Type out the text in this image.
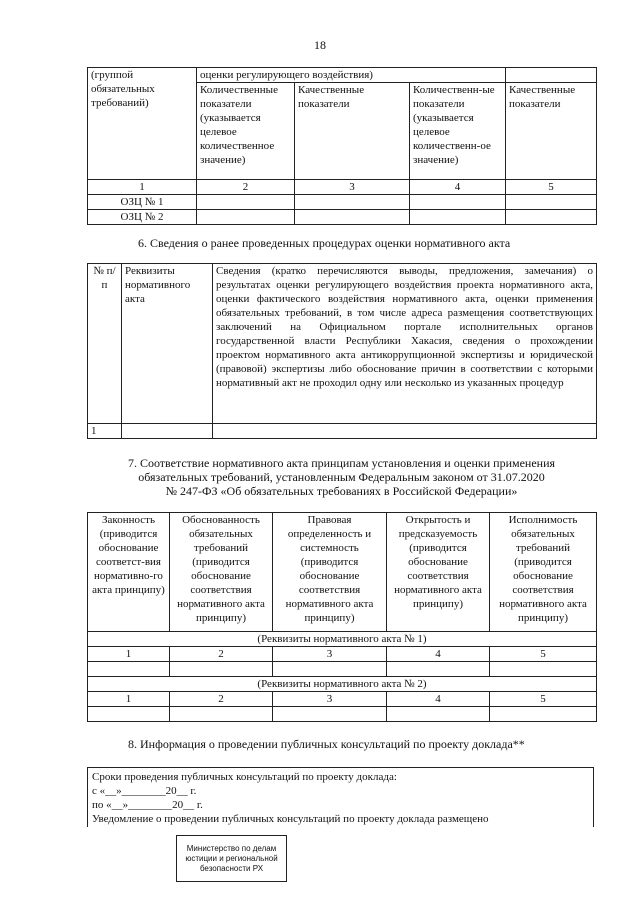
18
(группой обязательных требований)	оценки регулирующего воздействия)			
	Количественные показатели (указывается целевое количественное значение)	Качественные показатели	Количественн-ые показатели (указывается целевое количественн-ое значение)	Качественные показатели
1	2	3	4	5
ОЗЦ № 1				
ОЗЦ № 2				
6. Сведения о ранее проведенных процедурах оценки нормативного акта
№ п/п	Реквизиты нормативного акта	Сведения (кратко перечисляются выводы, предложения, замечания) о результатах оценки регулирующего воздействия проекта нормативного акта, оценки фактического воздействия нормативного акта, оценки применения обязательных требований, в том числе адреса размещения соответствующих заключений на Официальном портале исполнительных органов государственной власти Республики Хакасия, сведения о прохождении проектом нормативного акта антикоррупционной экспертизы и юридической (правовой) экспертизы либо обоснование причин в соответствии с которыми нормативный акт не проходил одну или несколько из указанных процедур
1		
7. Соответствие нормативного акта принципам установления и оценки применения
обязательных требований, установленным Федеральным законом от 31.07.2020
№ 247-ФЗ «Об обязательных требованиях в Российской Федерации»
Законность (приводится обоснование соответст-вия нормативно-го акта принципу)	Обоснованность обязательных требований (приводится обоснование соответствия нормативного акта принципу)	Правовая определенность и системность (приводится обоснование соответствия нормативного акта принципу)	Открытость и предсказуемость (приводится обоснование соответствия нормативного акта принципу)	Исполнимость обязательных требований (приводится обоснование соответствия нормативного акта принципу)
(Реквизиты нормативного акта № 1)				
1	2	3	4	5

(Реквизиты нормативного акта № 2)				
1	2	3	4	5

8. Информация о проведении публичных консультаций по проекту доклада**
Сроки проведения публичных консультаций по проекту доклада:
с «__»________20__ г.
по «__»________20__ г.
Уведомление о проведении публичных консультаций по проекту доклада размещено
Министерство по делам
юстиции и региональной
безопасности РХ
